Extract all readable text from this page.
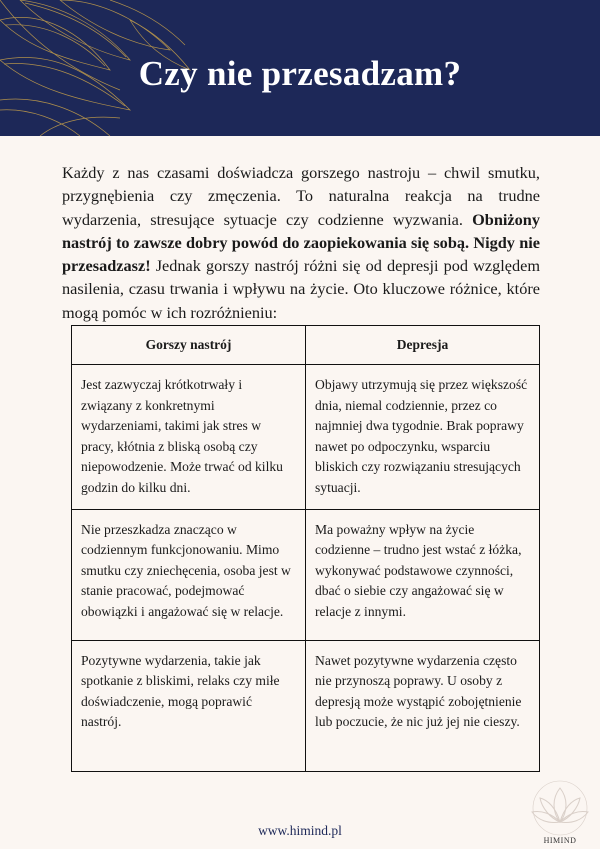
Czy nie przesadzam?

Każdy z nas czasami doświadcza gorszego nastroju – chwil smutku, przygnębienia czy zmęczenia. To naturalna reakcja na trudne wydarzenia, stresujące sytuacje czy codzienne wyzwania. Obniżony nastrój to zawsze dobry powód do zaopiekowania się sobą. Nigdy nie przesadzasz! Jednak gorszy nastrój różni się od depresji pod względem nasilenia, czasu trwania i wpływu na życie. Oto kluczowe różnice, które mogą pomóc w ich rozróżnieniu:

Gorszy nastrój	Depresja
Jest zazwyczaj krótkotrwały i związany z konkretnymi wydarzeniami, takimi jak stres w pracy, kłótnia z bliską osobą czy niepowodzenie. Może trwać od kilku godzin do kilku dni.	Objawy utrzymują się przez większość dnia, niemal codziennie, przez co najmniej dwa tygodnie. Brak poprawy nawet po odpoczynku, wsparciu bliskich czy rozwiązaniu stresujących sytuacji.
Nie przeszkadza znacząco w codziennym funkcjonowaniu. Mimo smutku czy zniechęcenia, osoba jest w stanie pracować, podejmować obowiązki i angażować się w relacje.	Ma poważny wpływ na życie codzienne – trudno jest wstać z łóżka, wykonywać podstawowe czynności, dbać o siebie czy angażować się w relacje z innymi.
Pozytywne wydarzenia, takie jak spotkanie z bliskimi, relaks czy miłe doświadczenie, mogą poprawić nastrój.	Nawet pozytywne wydarzenia często nie przynoszą poprawy. U osoby z depresją może wystąpić zobojętnienie lub poczucie, że nic już jej nie cieszy.
www.himind.pl
HIMIND
